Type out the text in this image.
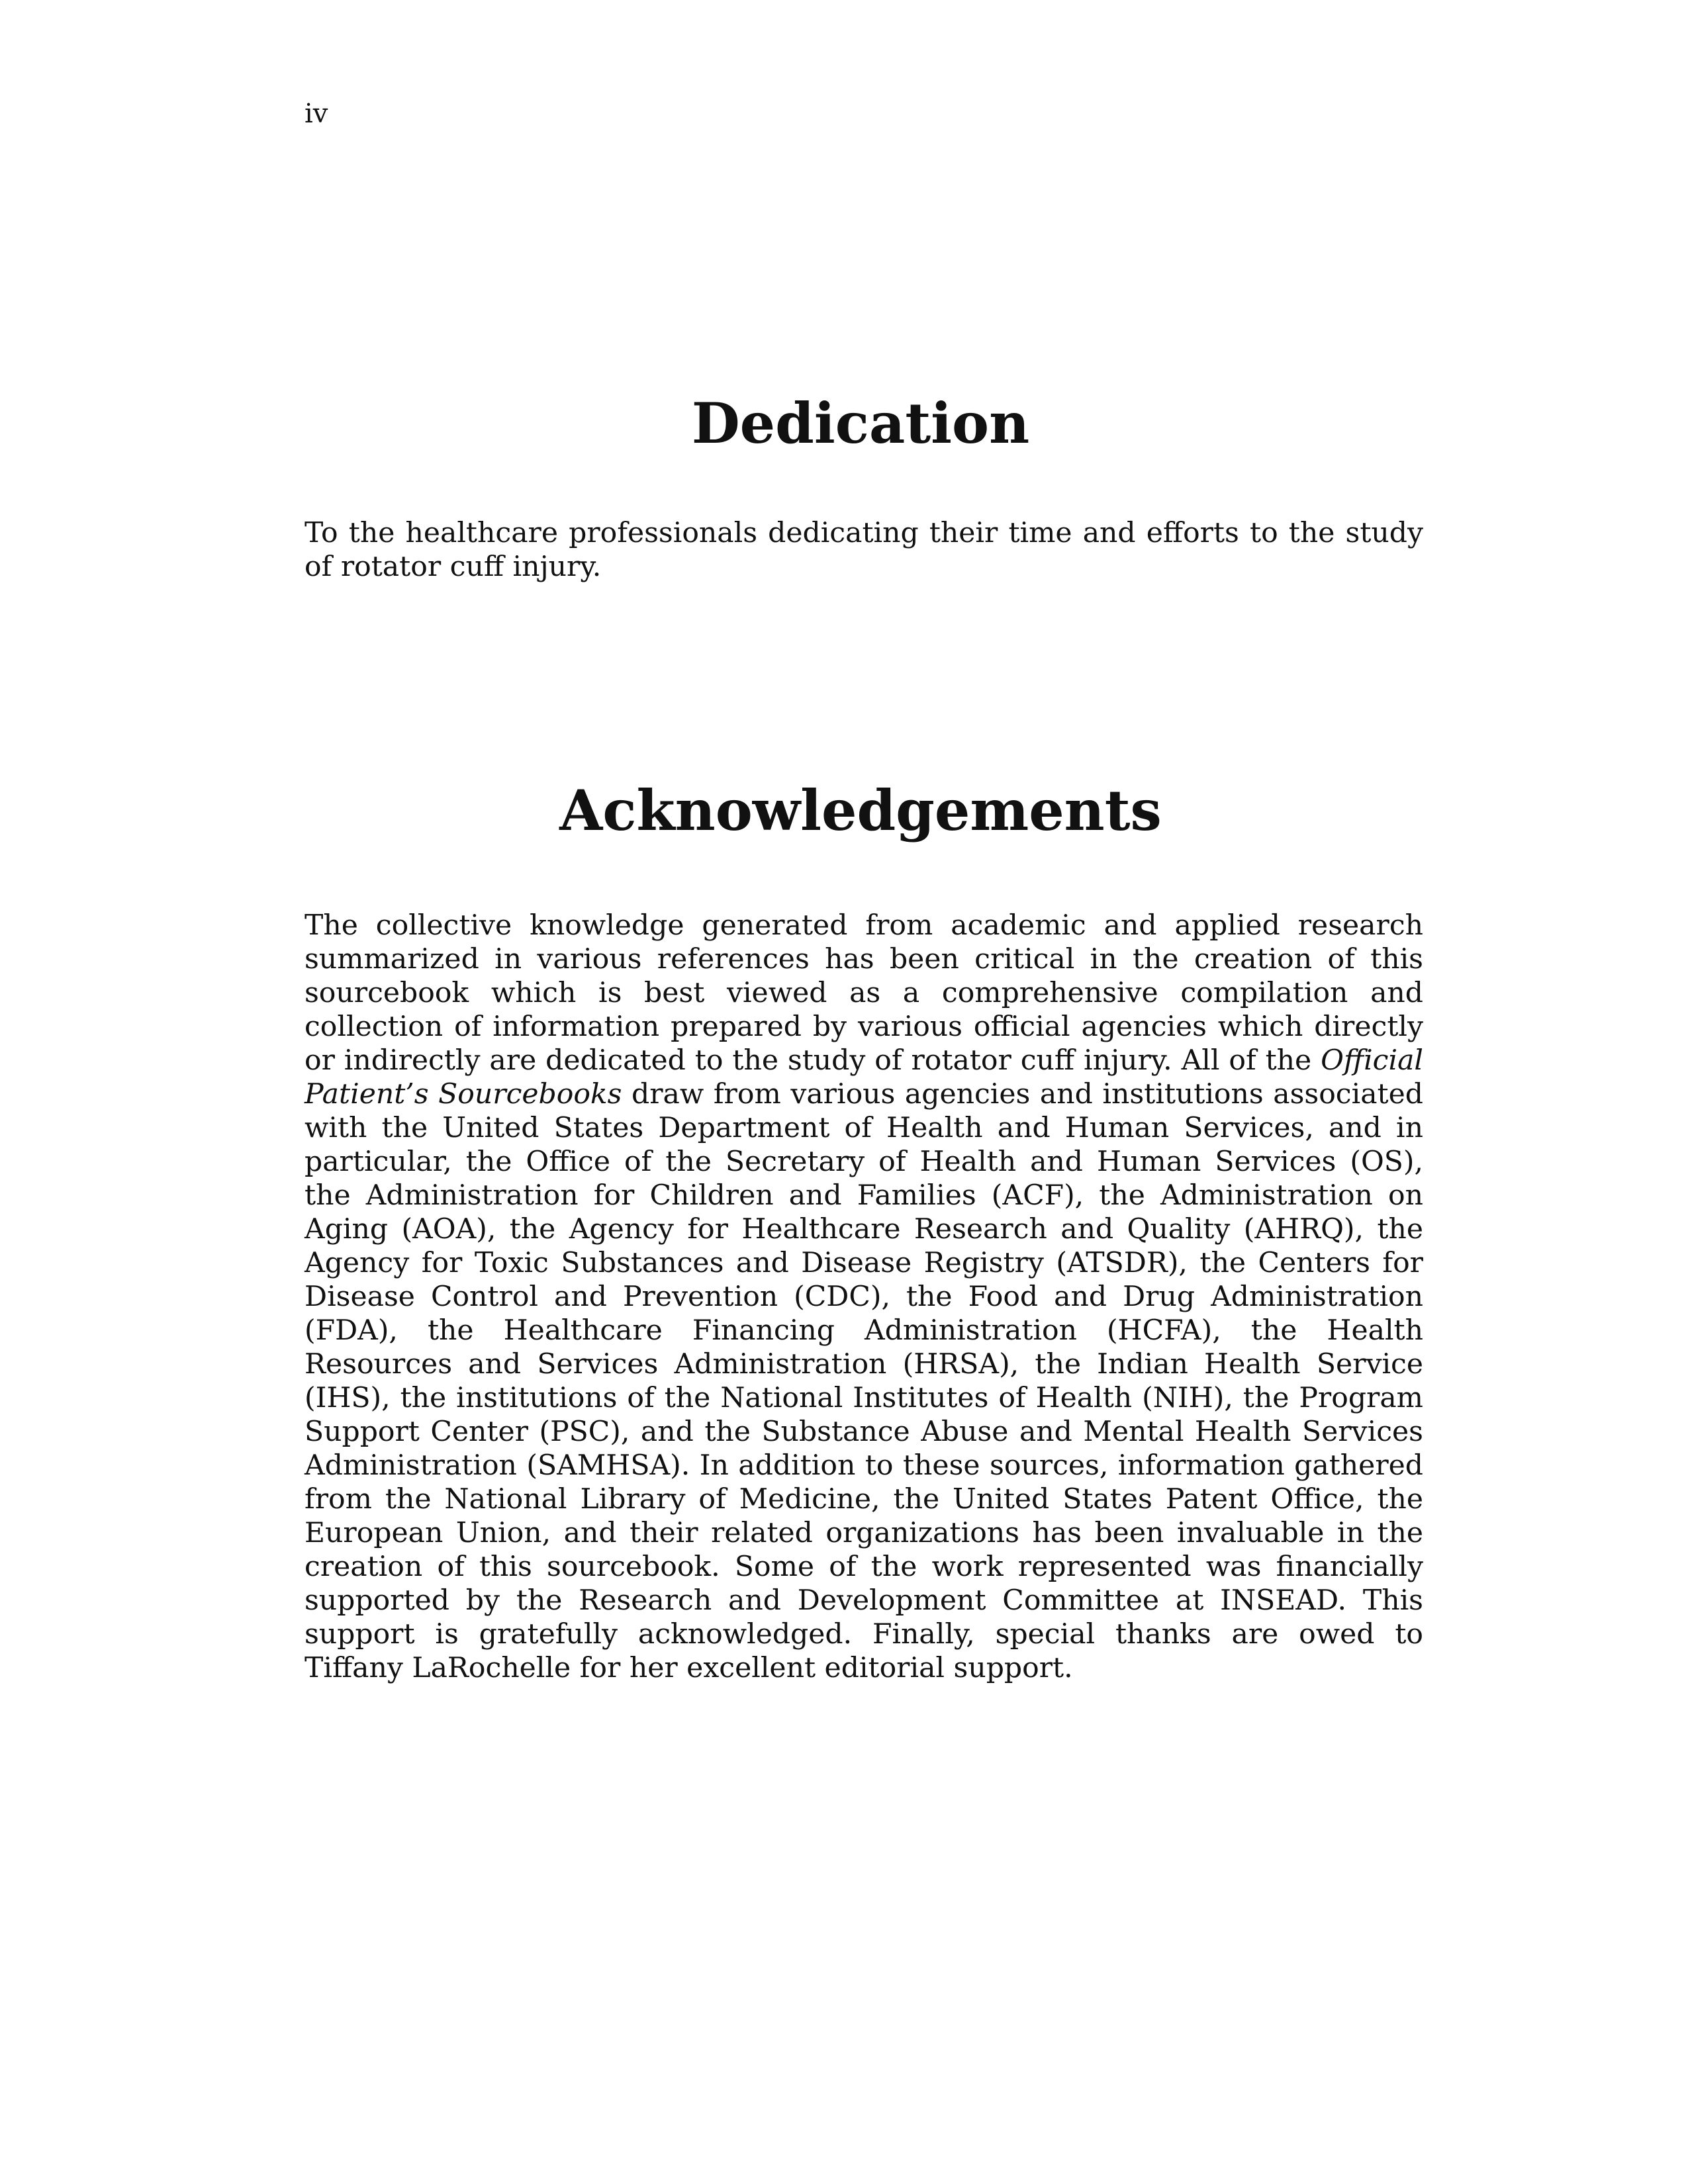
iv
Dedication

To the healthcare professionals dedicating their time and efforts to the study of rotator cuff injury.

Acknowledgements

The collective knowledge generated from academic and applied research summarized in various references has been critical in the creation of this sourcebook which is best viewed as a comprehensive compilation and collection of information prepared by various official agencies which directly or indirectly are dedicated to the study of rotator cuff injury. All of the Official Patient’s Sourcebooks draw from various agencies and institutions associated with the United States Department of Health and Human Services, and in particular, the Office of the Secretary of Health and Human Services (OS), the Administration for Children and Families (ACF), the Administration on Aging (AOA), the Agency for Healthcare Research and Quality (AHRQ), the Agency for Toxic Substances and Disease Registry (ATSDR), the Centers for Disease Control and Prevention (CDC), the Food and Drug Administration (FDA), the Healthcare Financing Administration (HCFA), the Health Resources and Services Administration (HRSA), the Indian Health Service (IHS), the institutions of the National Institutes of Health (NIH), the Program Support Center (PSC), and the Substance Abuse and Mental Health Services Administration (SAMHSA). In addition to these sources, information gathered from the National Library of Medicine, the United States Patent Office, the European Union, and their related organizations has been invaluable in the creation of this sourcebook. Some of the work represented was financially supported by the Research and Development Committee at INSEAD. This support is gratefully acknowledged. Finally, special thanks are owed to Tiffany LaRochelle for her excellent editorial support.
